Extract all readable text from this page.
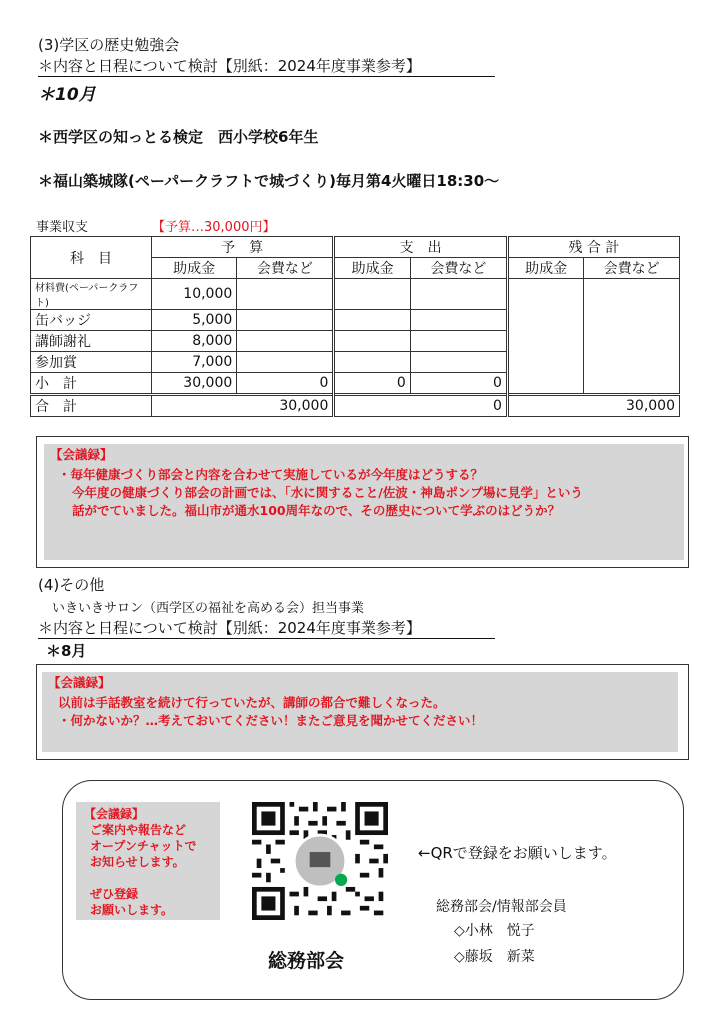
(3)学区の歴史勉強会
＊内容と日程について検討【別紙：2024年度事業参考】
＊10月
＊西学区の知っとる検定　西小学校6年生
＊福山築城隊(ペーパークラフトで城づくり)毎月第4火曜日18:30～
事業収支	【予算…30,000円】
科　目	予　算		支　出		残 合 計	
	助成金	会費など	助成金	会費など	助成金	会費など
材料費(ペーパークラフト)	10,000					
缶バッジ	5,000					
講師謝礼	8,000					
参加賞	7,000					
小　計	30,000	0	0	0		
合　計	30,000		0		30,000	
【会議録】
・毎年健康づくり部会と内容を合わせて実施しているが今年度はどうする？
今年度の健康づくり部会の計画では、「水に関すること/佐波・神島ポンプ場に見学」という
話がでていました。福山市が通水100周年なので、その歴史について学ぶのはどうか？
(4)その他
いきいきサロン（西学区の福祉を高める会）担当事業
＊内容と日程について検討【別紙：2024年度事業参考】
＊8月
【会議録】
以前は手話教室を続けて行っていたが、講師の都合で難しくなった。
・何かないか？…考えておいてください！またご意見を聞かせてください！
【会議録】
ご案内や報告など
オープンチャットで
お知らせします。
ぜひ登録
お願いします。
←QRで登録をお願いします。
総務部会/情報部会員
◇小林　悦子
◇藤坂　新菜
総務部会
